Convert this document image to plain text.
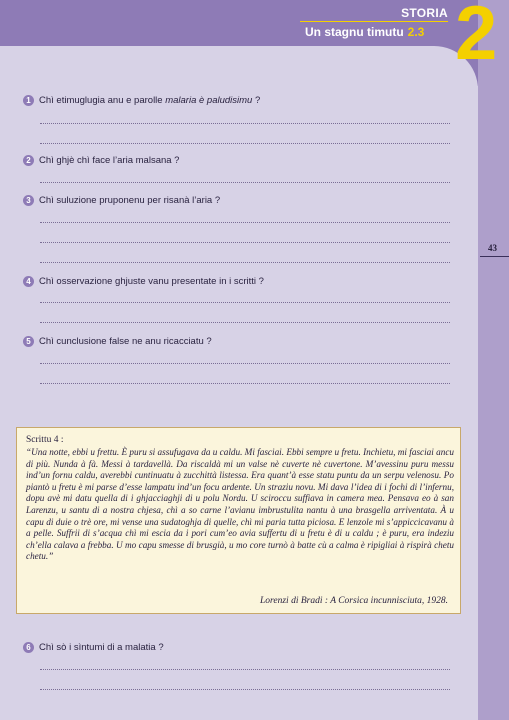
STORIA
Un stagnu timutu 2.3 2
43
1 Chì etimuglugia anu e parolle malaria è paludisimu ?
2 Chì ghjè chì face l’aria malsana ?
3 Chì suluzione pruponenu per risanà l’aria ?
4 Chì osservazione ghjuste vanu presentate in i scritti ?
5 Chì cunclusione false ne anu ricacciatu ?
Scrittu 4 :
“Una notte, ebbi u frettu. È puru si assufugava da u caldu. Mi fasciai. Ebbi sempre u fretu. Inchietu, mi fasciai ancu di più. Nunda à fà. Messi à tardavellà. Da riscaldà mi un valse nè cuverte nè cuvertone. M’avessinu puru messu ind’un fornu caldu, averebbi cuntinuatu à zucchittà listessa. Era quant’à esse statu puntu da un serpu velenosu. Po piantò u fretu è mi parse d’esse lampatu ind’un focu ardente. Un straziu novu. Mi dava l’idea di i fochi di l’infernu, dopu avè mi datu quella di i ghjacciaghji di u polu Nordu. U sciroccu suffiava in camera mea. Pensava eo à san Larenzu, u santu di a nostra chjesa, chì a so carne l’avianu imbrustulita nantu à una brasgella arriventata. À u capu di duie o trè ore, mi vense una sudatoghja di quelle, chì mi paria tutta piciosa. E lenzole mi s’appiccicavanu à a pelle. Suffrii di s’acqua chì mi escia da i pori cum’eo avia suffertu di u fretu è di u caldu ; è puru, era indeziu ch’ella calava a frebba. U mo capu smesse di brusgià, u mo core turnò à batte cù a calma è ripigliai à rispirà chetu chetu.”
Lorenzi di Bradi : A Corsica incunnisciuta, 1928.
6 Chì sò i sìntumi di a malatia ?
